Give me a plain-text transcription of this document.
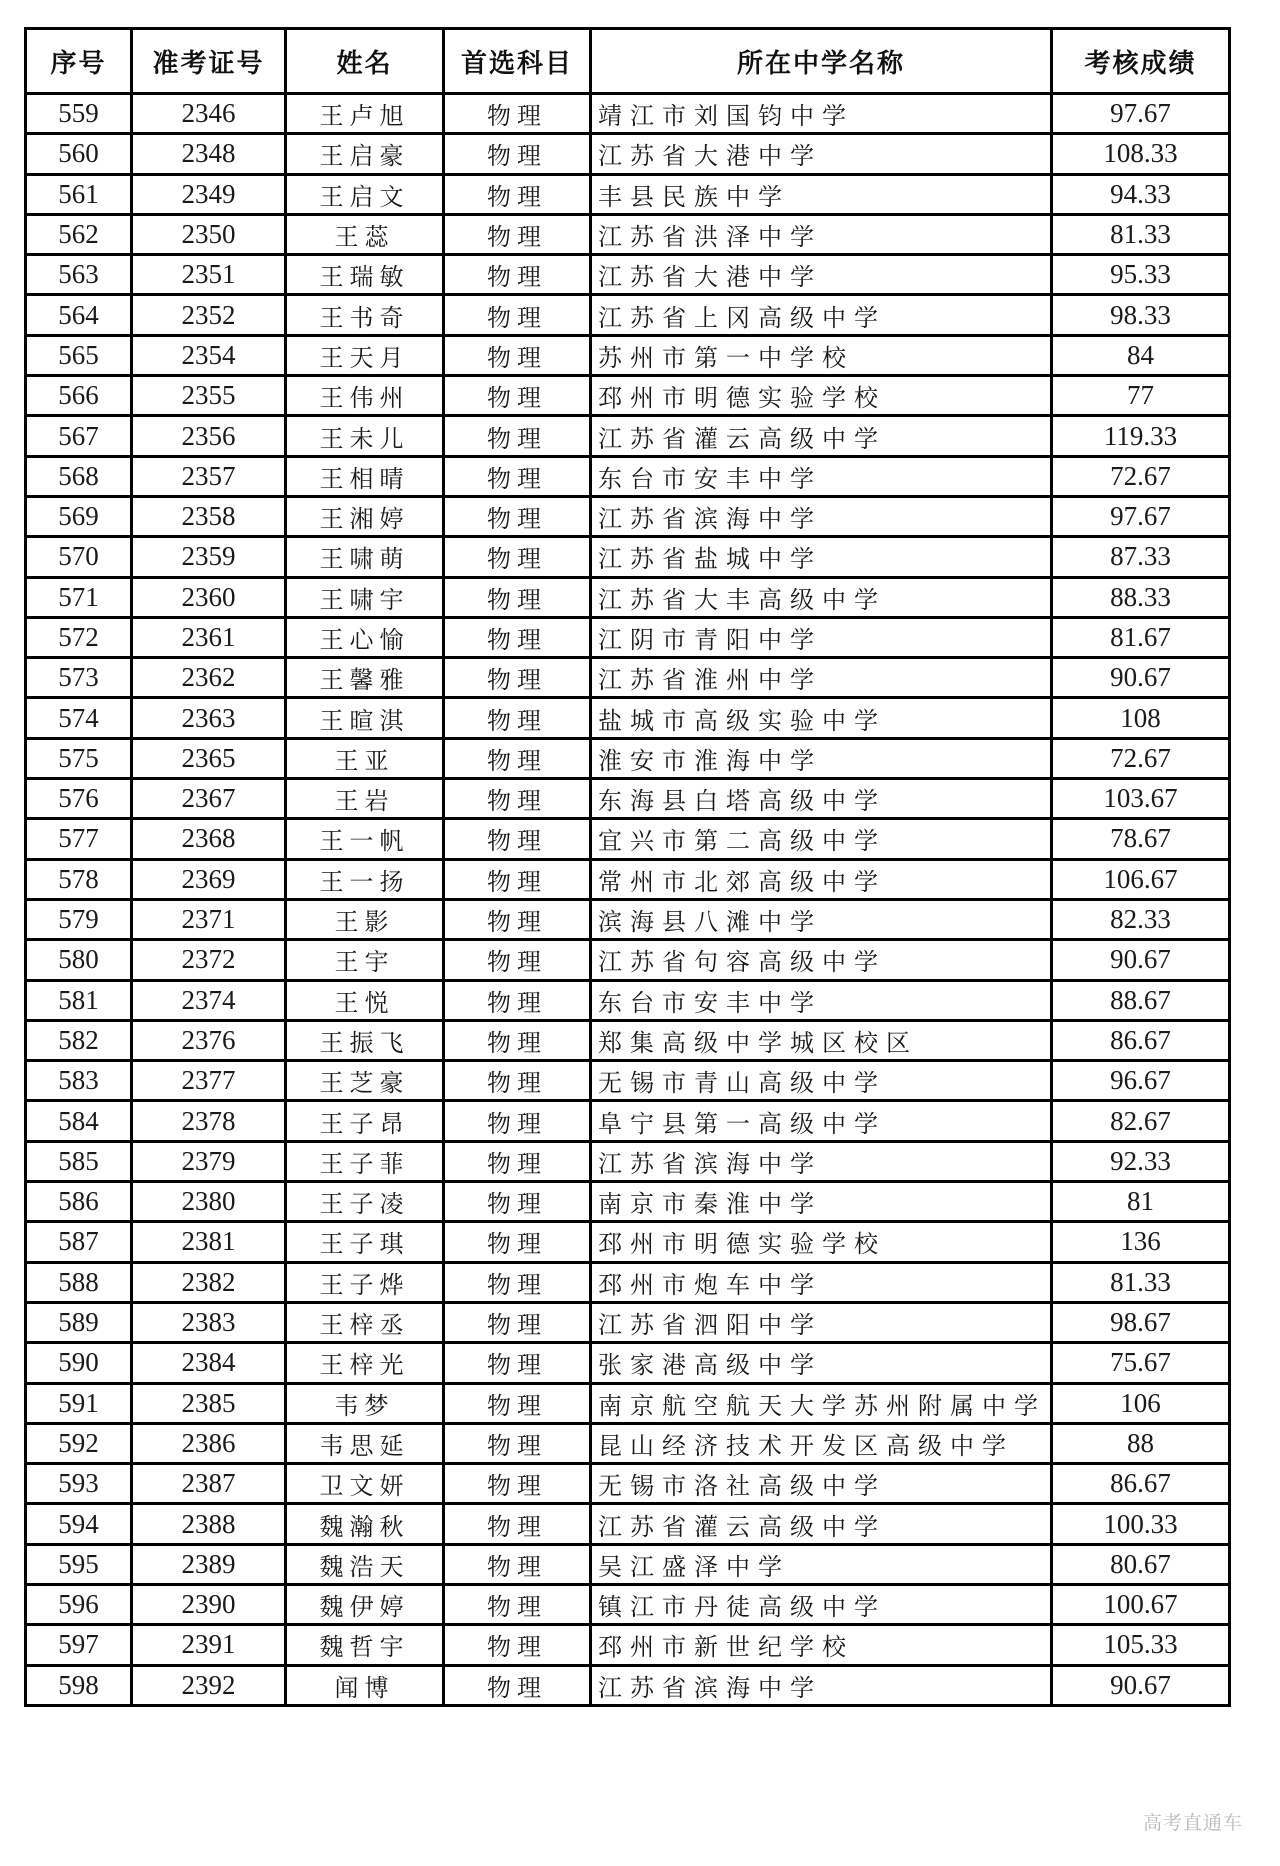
序号	准考证号	姓名	首选科目	所在中学名称	考核成绩
559	2346	王卢旭	物理	靖江市刘国钧中学	97.67
560	2348	王启豪	物理	江苏省大港中学	108.33
561	2349	王启文	物理	丰县民族中学	94.33
562	2350	王蕊	物理	江苏省洪泽中学	81.33
563	2351	王瑞敏	物理	江苏省大港中学	95.33
564	2352	王书奇	物理	江苏省上冈高级中学	98.33
565	2354	王天月	物理	苏州市第一中学校	84
566	2355	王伟州	物理	邳州市明德实验学校	77
567	2356	王未儿	物理	江苏省灌云高级中学	119.33
568	2357	王相晴	物理	东台市安丰中学	72.67
569	2358	王湘婷	物理	江苏省滨海中学	97.67
570	2359	王啸萌	物理	江苏省盐城中学	87.33
571	2360	王啸宇	物理	江苏省大丰高级中学	88.33
572	2361	王心愉	物理	江阴市青阳中学	81.67
573	2362	王馨雅	物理	江苏省淮州中学	90.67
574	2363	王暄淇	物理	盐城市高级实验中学	108
575	2365	王亚	物理	淮安市淮海中学	72.67
576	2367	王岩	物理	东海县白塔高级中学	103.67
577	2368	王一帆	物理	宜兴市第二高级中学	78.67
578	2369	王一扬	物理	常州市北郊高级中学	106.67
579	2371	王影	物理	滨海县八滩中学	82.33
580	2372	王宇	物理	江苏省句容高级中学	90.67
581	2374	王悦	物理	东台市安丰中学	88.67
582	2376	王振飞	物理	郑集高级中学城区校区	86.67
583	2377	王芝豪	物理	无锡市青山高级中学	96.67
584	2378	王子昂	物理	阜宁县第一高级中学	82.67
585	2379	王子菲	物理	江苏省滨海中学	92.33
586	2380	王子凌	物理	南京市秦淮中学	81
587	2381	王子琪	物理	邳州市明德实验学校	136
588	2382	王子烨	物理	邳州市炮车中学	81.33
589	2383	王梓丞	物理	江苏省泗阳中学	98.67
590	2384	王梓光	物理	张家港高级中学	75.67
591	2385	韦梦	物理	南京航空航天大学苏州附属中学	106
592	2386	韦思延	物理	昆山经济技术开发区高级中学	88
593	2387	卫文妍	物理	无锡市洛社高级中学	86.67
594	2388	魏瀚秋	物理	江苏省灌云高级中学	100.33
595	2389	魏浩天	物理	吴江盛泽中学	80.67
596	2390	魏伊婷	物理	镇江市丹徒高级中学	100.67
597	2391	魏哲宇	物理	邳州市新世纪学校	105.33
598	2392	闻博	物理	江苏省滨海中学	90.67
高考直通车
